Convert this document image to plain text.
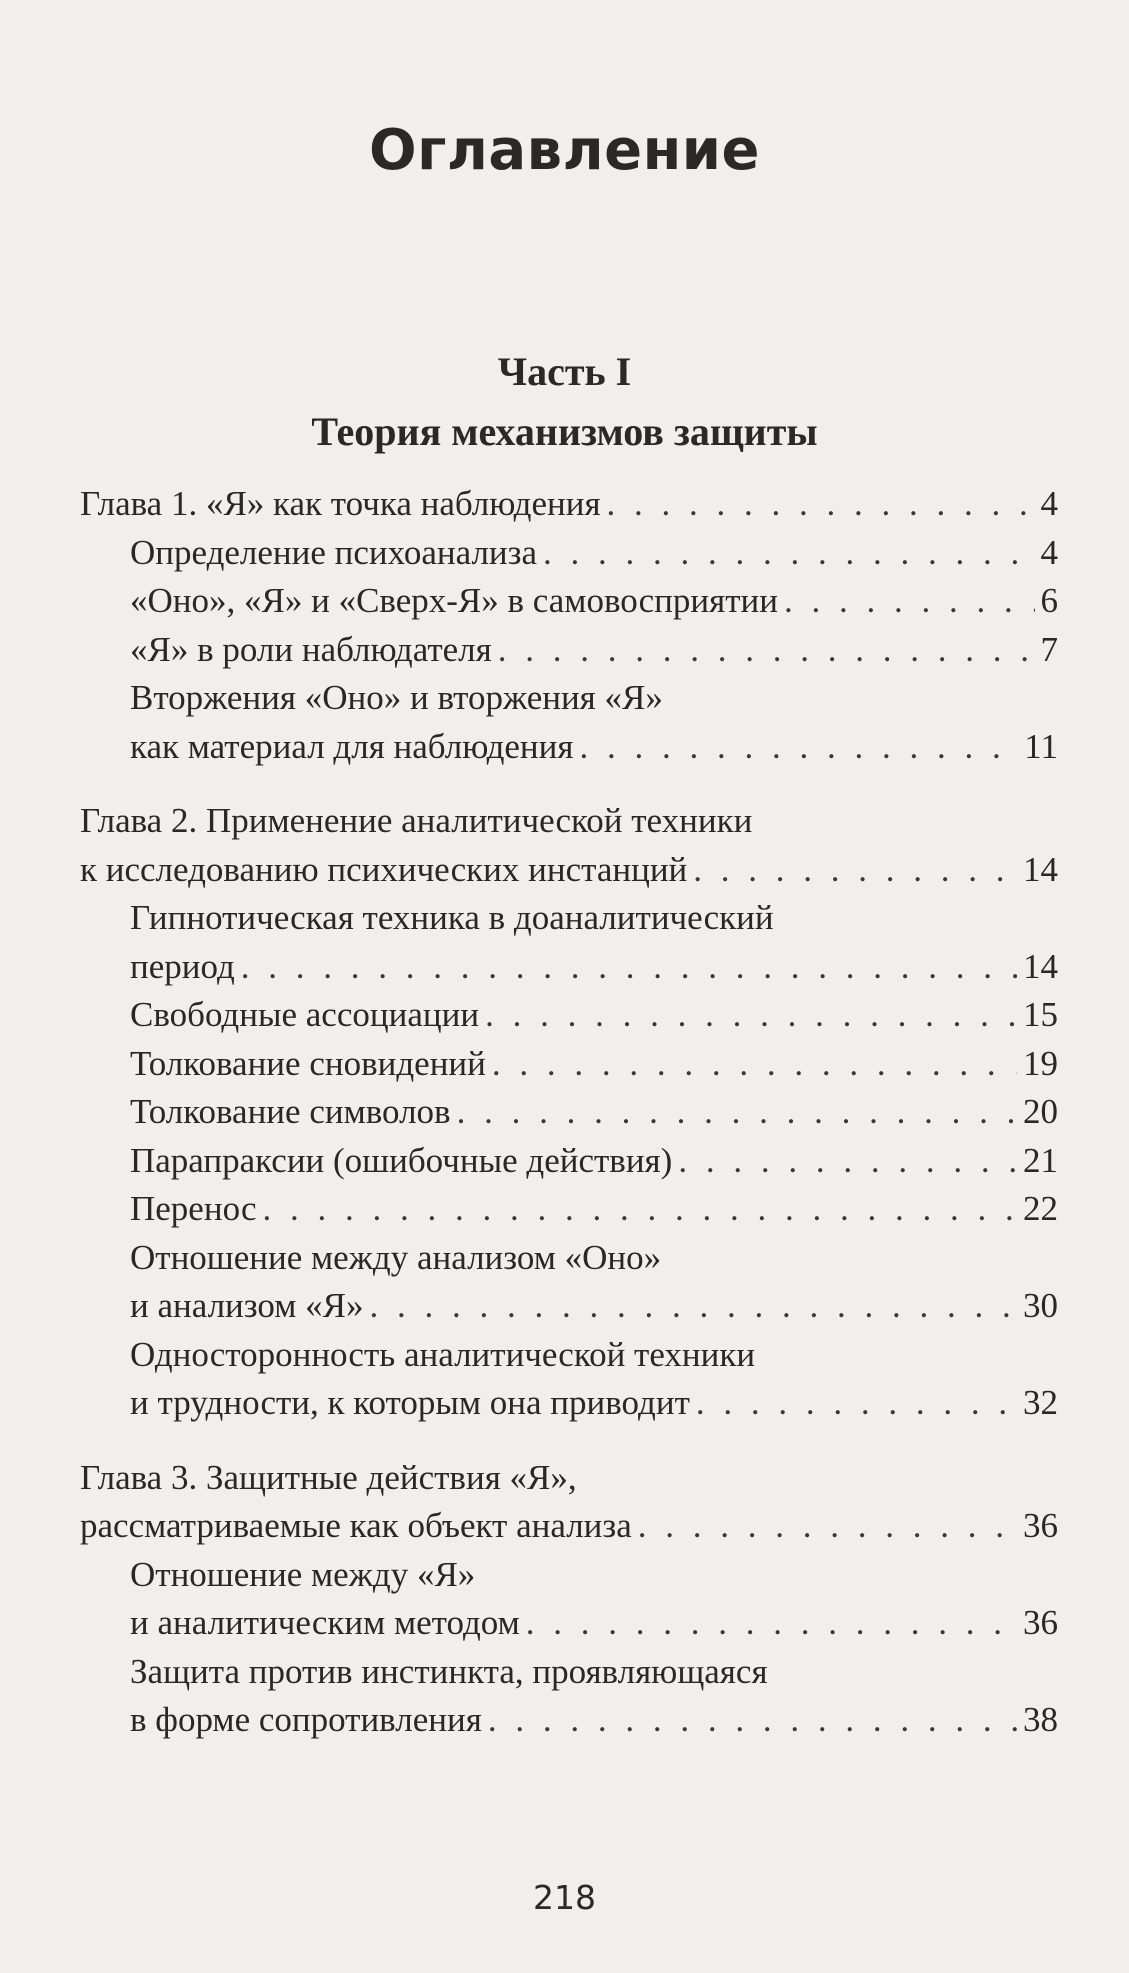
Оглавление
Часть I
Теория механизмов защиты
Глава 1. «Я» как точка наблюдения . . .	4
Определение психоанализа . . .	4
«Оно», «Я» и «Сверх-Я» в самовосприятии . . .	6
«Я» в роли наблюдателя . . .	7
Вторжения «Оно» и вторжения «Я»
как материал для наблюдения . . .	11
Глава 2. Применение аналитической техники
к исследованию психических инстанций . . .	14
Гипнотическая техника в доаналитический
период . . .	14
Свободные ассоциации . . .	15
Толкование сновидений . . .	19
Толкование символов . . .	20
Парапраксии (ошибочные действия) . . .	21
Перенос . . .	22
Отношение между анализом «Оно»
и анализом «Я» . . .	30
Односторонность аналитической техники
и трудности, к которым она приводит . . .	32
Глава 3. Защитные действия «Я»,
рассматриваемые как объект анализа . . .	36
Отношение между «Я»
и аналитическим методом . . .	36
Защита против инстинкта, проявляющаяся
в форме сопротивления . . .	38
218
